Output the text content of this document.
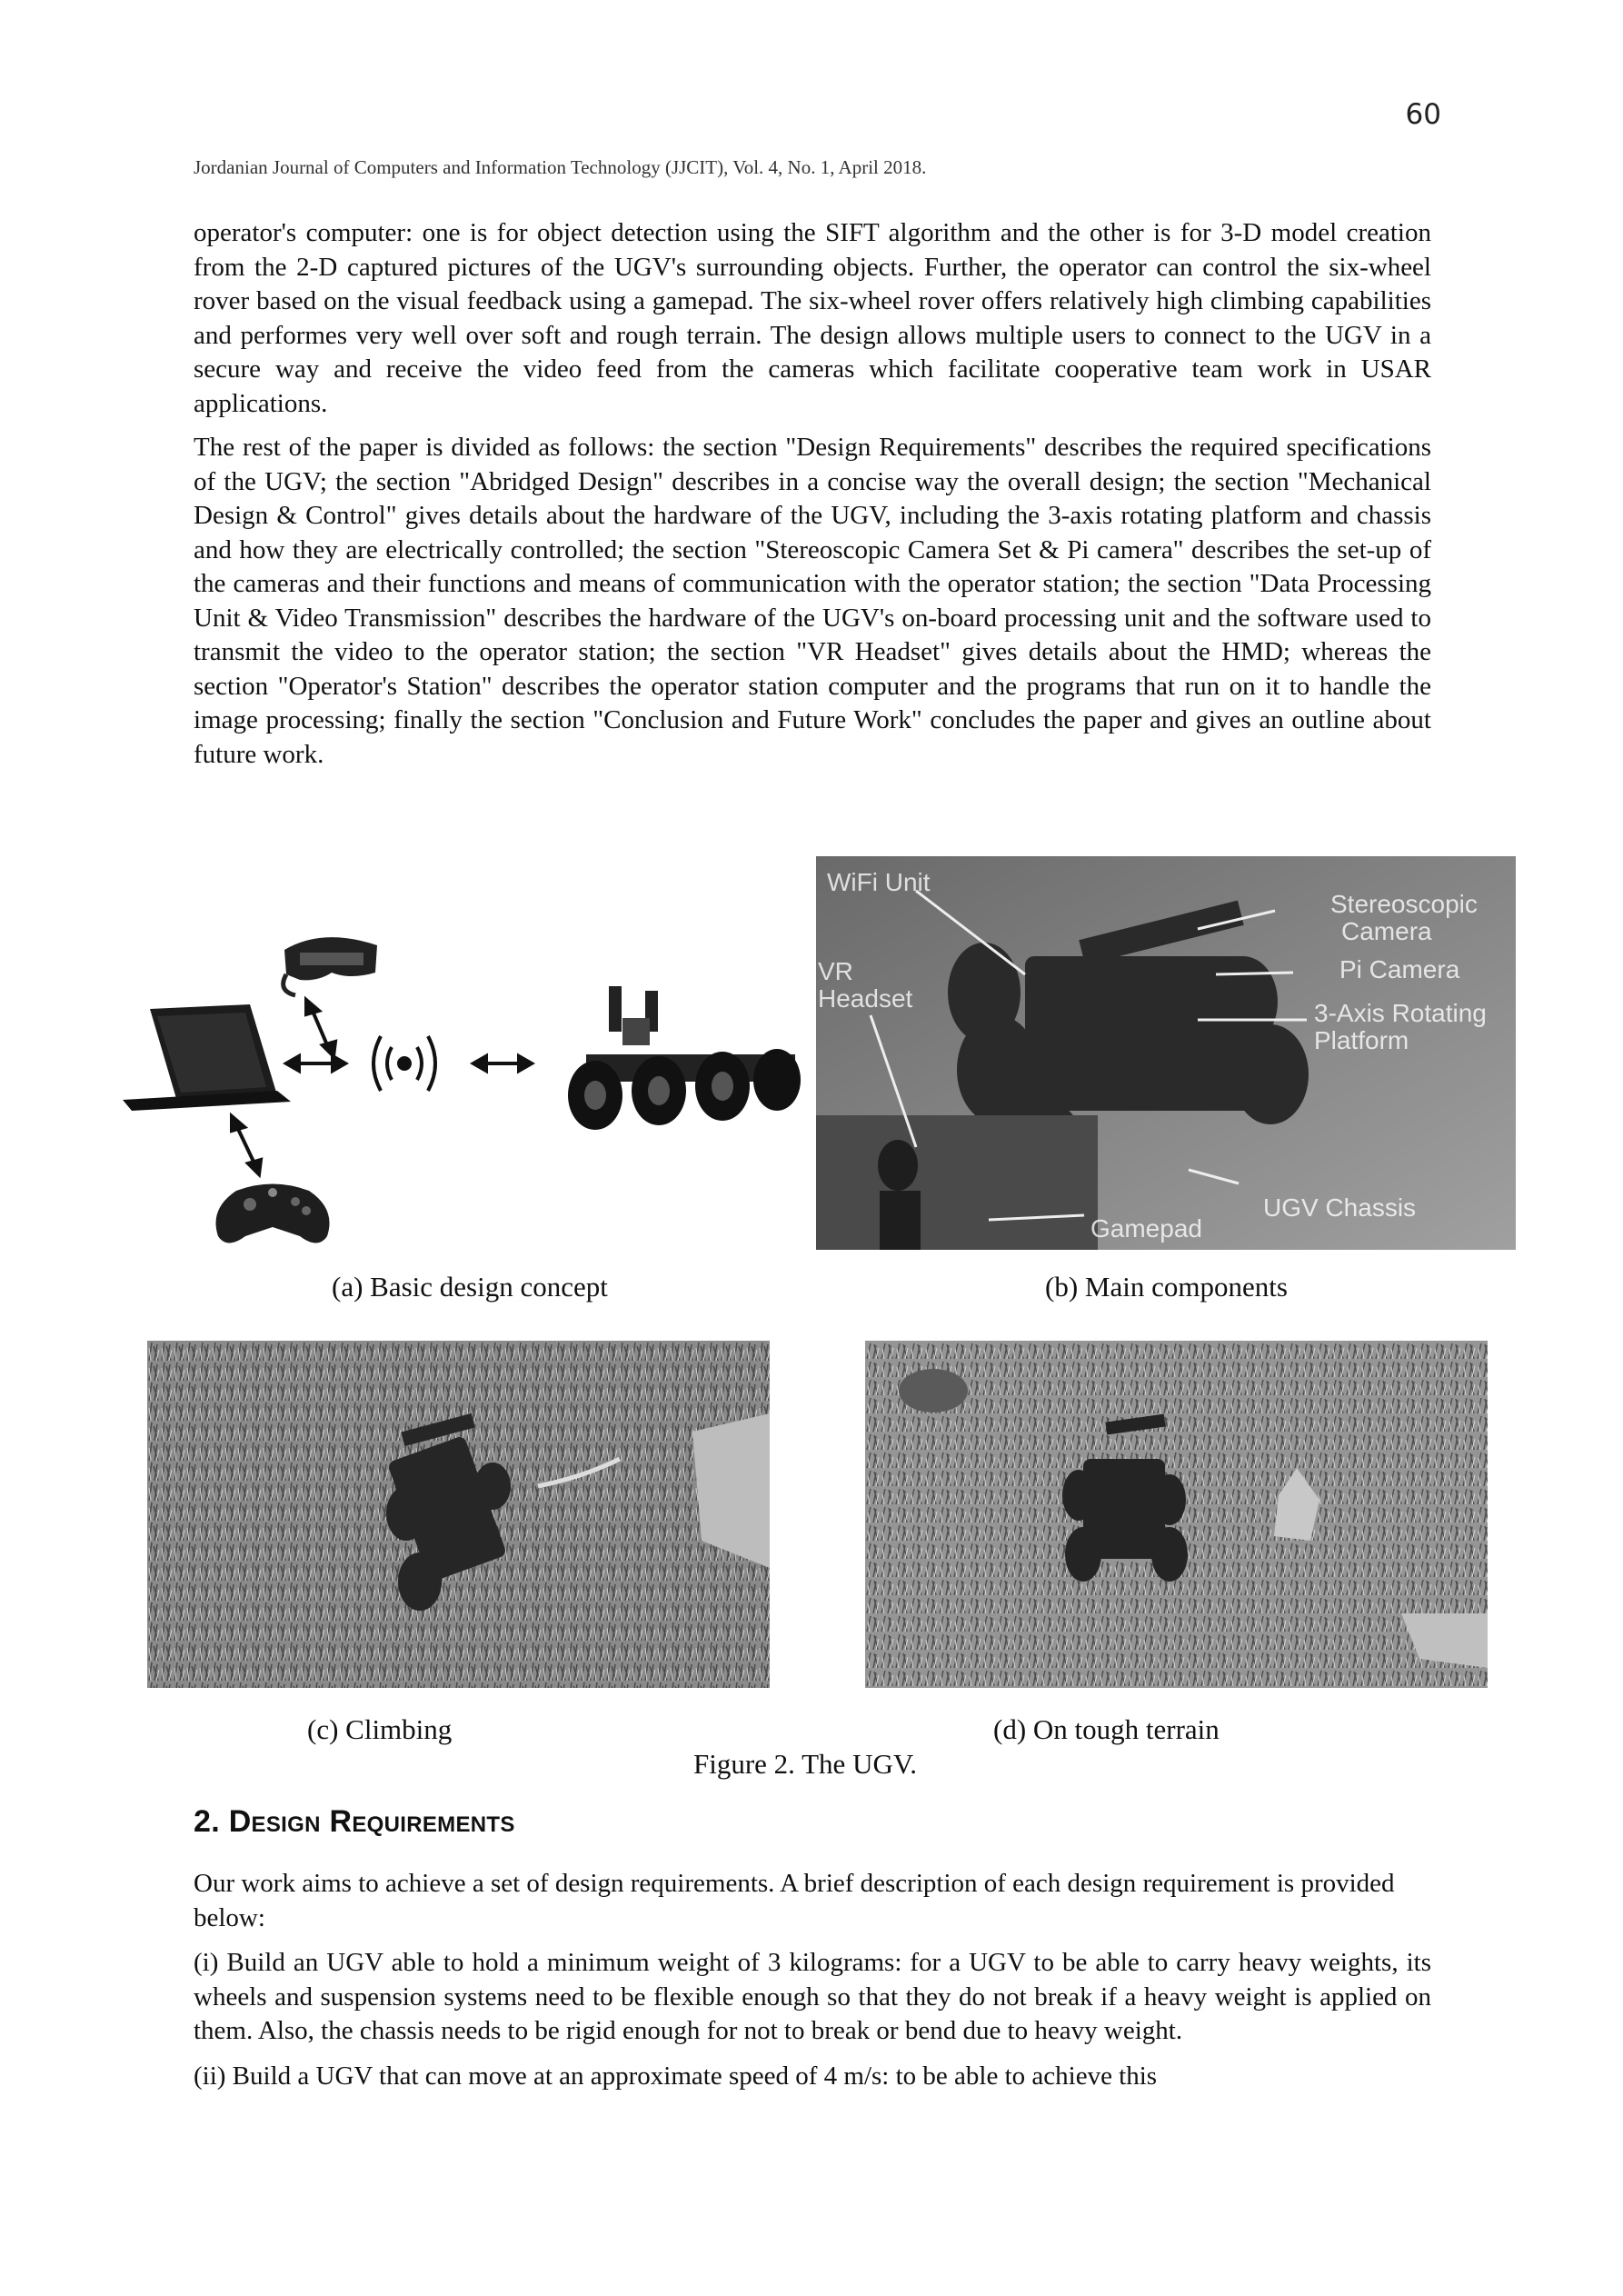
60
Jordanian Journal of Computers and Information Technology (JJCIT), Vol. 4, No. 1, April 2018.

operator's computer: one is for object detection using the SIFT algorithm and the other is for 3-D model creation from the 2-D captured pictures of the UGV's surrounding objects. Further, the operator can control the six-wheel rover based on the visual feedback using a gamepad. The six-wheel rover offers relatively high climbing capabilities and performes very well over soft and rough terrain. The design allows multiple users to connect to the UGV in a secure way and receive the video feed from the cameras which facilitate cooperative team work in USAR applications.

The rest of the paper is divided as follows: the section "Design Requirements" describes the required specifications of the UGV; the section "Abridged Design" describes in a concise way the overall design; the section "Mechanical Design & Control" gives details about the hardware of the UGV, including the 3-axis rotating platform and chassis and how they are electrically controlled; the section "Stereoscopic Camera Set & Pi camera" describes the set-up of the cameras and their functions and means of communication with the operator station; the section "Data Processing Unit & Video Transmission" describes the hardware of the UGV's on-board processing unit and the software used to transmit the video to the operator station; the section "VR Headset" gives details about the HMD; whereas the section "Operator's Station" describes the operator station computer and the programs that run on it to handle the image processing; finally the section "Conclusion and Future Work" concludes the paper and gives an outline about future work.

WiFi Unit
Stereoscopic
Camera
Pi Camera
VR
Headset
3-Axis Rotating
Platform
Gamepad
UGV Chassis
(a) Basic design concept	(b) Main components
(c) Climbing	(d) On tough terrain
Figure 2. The UGV.
2. Design Requirements

Our work aims to achieve a set of design requirements. A brief description of each design requirement is provided below:

(i) Build an UGV able to hold a minimum weight of 3 kilograms: for a UGV to be able to carry heavy weights, its wheels and suspension systems need to be flexible enough so that they do not break if a heavy weight is applied on them. Also, the chassis needs to be rigid enough for not to break or bend due to heavy weight.

(ii) Build a UGV that can move at an approximate speed of 4 m/s: to be able to achieve this
